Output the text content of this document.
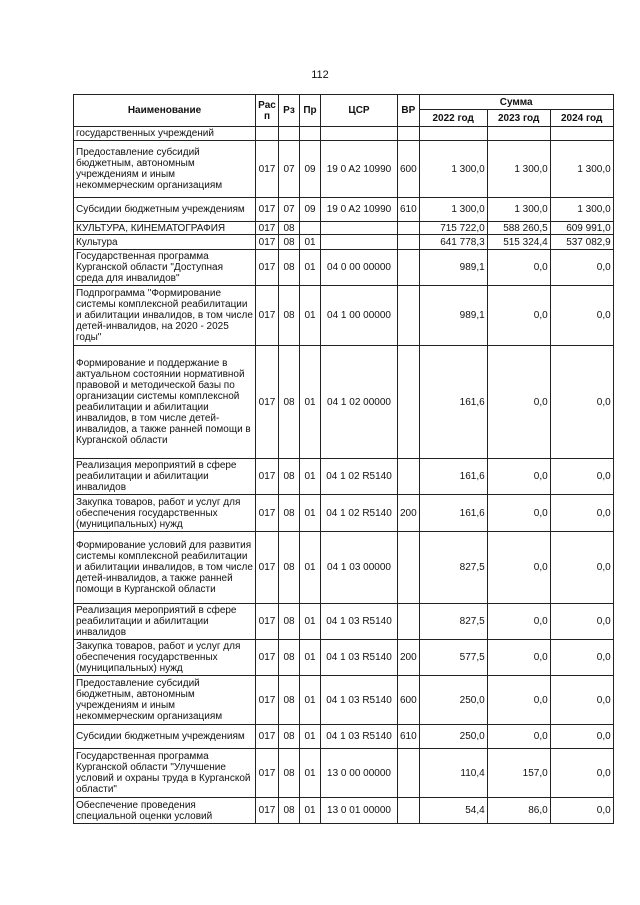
112
Наименование	Рас п	Рз	Пр	ЦСР	ВР	Сумма		
						2022 год	2023 год	2024 год
государственных учреждений								
Предоставление субсидий бюджетным, автономным учреждениям и иным некоммерческим организациям	017	07	09	19 0 A2 10990	600	1 300,0	1 300,0	1 300,0
Субсидии бюджетным учреждениям	017	07	09	19 0 A2 10990	610	1 300,0	1 300,0	1 300,0
КУЛЬТУРА, КИНЕМАТОГРАФИЯ	017	08				715 722,0	588 260,5	609 991,0
Культура	017	08	01			641 778,3	515 324,4	537 082,9
Государственная программа Курганской области "Доступная среда для инвалидов"	017	08	01	04 0 00 00000		989,1	0,0	0,0
Подпрограмма "Формирование системы комплексной реабилитации и абилитации инвалидов, в том числе детей-инвалидов, на 2020 - 2025 годы"	017	08	01	04 1 00 00000		989,1	0,0	0,0
Формирование и поддержание в актуальном состоянии нормативной правовой и методической базы по организации системы комплексной реабилитации и абилитации инвалидов, в том числе детей-инвалидов, а также ранней помощи в Курганской области	017	08	01	04 1 02 00000		161,6	0,0	0,0
Реализация мероприятий в сфере реабилитации и абилитации инвалидов	017	08	01	04 1 02 R5140		161,6	0,0	0,0
Закупка товаров, работ и услуг для обеспечения государственных (муниципальных) нужд	017	08	01	04 1 02 R5140	200	161,6	0,0	0,0
Формирование условий для развития системы комплексной реабилитации и абилитации инвалидов, в том числе детей-инвалидов, а также ранней помощи в Курганской области	017	08	01	04 1 03 00000		827,5	0,0	0,0
Реализация мероприятий в сфере реабилитации и абилитации инвалидов	017	08	01	04 1 03 R5140		827,5	0,0	0,0
Закупка товаров, работ и услуг для обеспечения государственных (муниципальных) нужд	017	08	01	04 1 03 R5140	200	577,5	0,0	0,0
Предоставление субсидий бюджетным, автономным учреждениям и иным некоммерческим организациям	017	08	01	04 1 03 R5140	600	250,0	0,0	0,0
Субсидии бюджетным учреждениям	017	08	01	04 1 03 R5140	610	250,0	0,0	0,0
Государственная программа Курганской области "Улучшение условий и охраны труда в Курганской области"	017	08	01	13 0 00 00000		110,4	157,0	0,0
Обеспечение проведения специальной оценки условий	017	08	01	13 0 01 00000		54,4	86,0	0,0
